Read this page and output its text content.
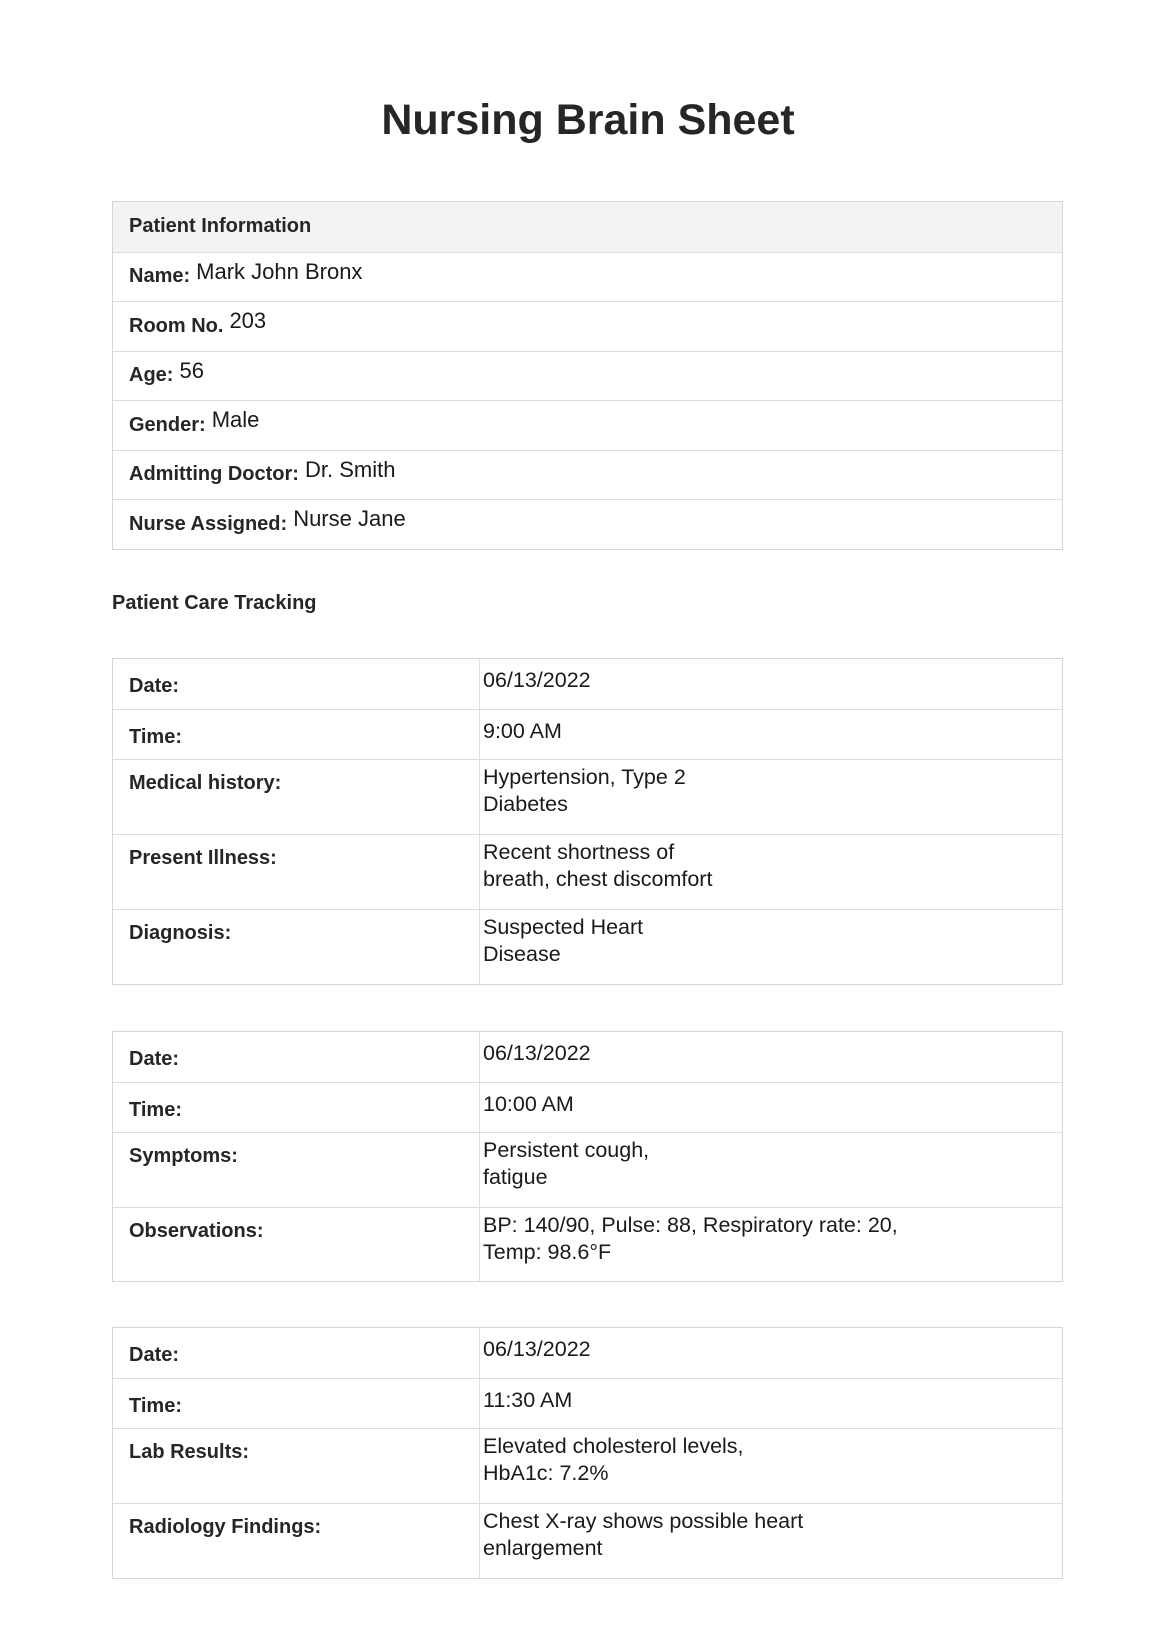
Nursing Brain Sheet
Patient Information
Name: Mark John Bronx
Room No. 203
Age: 56
Gender: Male
Admitting Doctor: Dr. Smith
Nurse Assigned: Nurse Jane
Patient Care Tracking
Date:	06/13/2022
Time:	9:00 AM
Medical history:	Hypertension, Type 2
Diabetes
Present Illness:	Recent shortness of
breath, chest discomfort
Diagnosis:	Suspected Heart
Disease
Date:	06/13/2022
Time:	10:00 AM
Symptoms:	Persistent cough,
fatigue
Observations:	BP: 140/90, Pulse: 88, Respiratory rate: 20,
Temp: 98.6°F
Date:	06/13/2022
Time:	11:30 AM
Lab Results:	Elevated cholesterol levels,
HbA1c: 7.2%
Radiology Findings:	Chest X-ray shows possible heart
enlargement
